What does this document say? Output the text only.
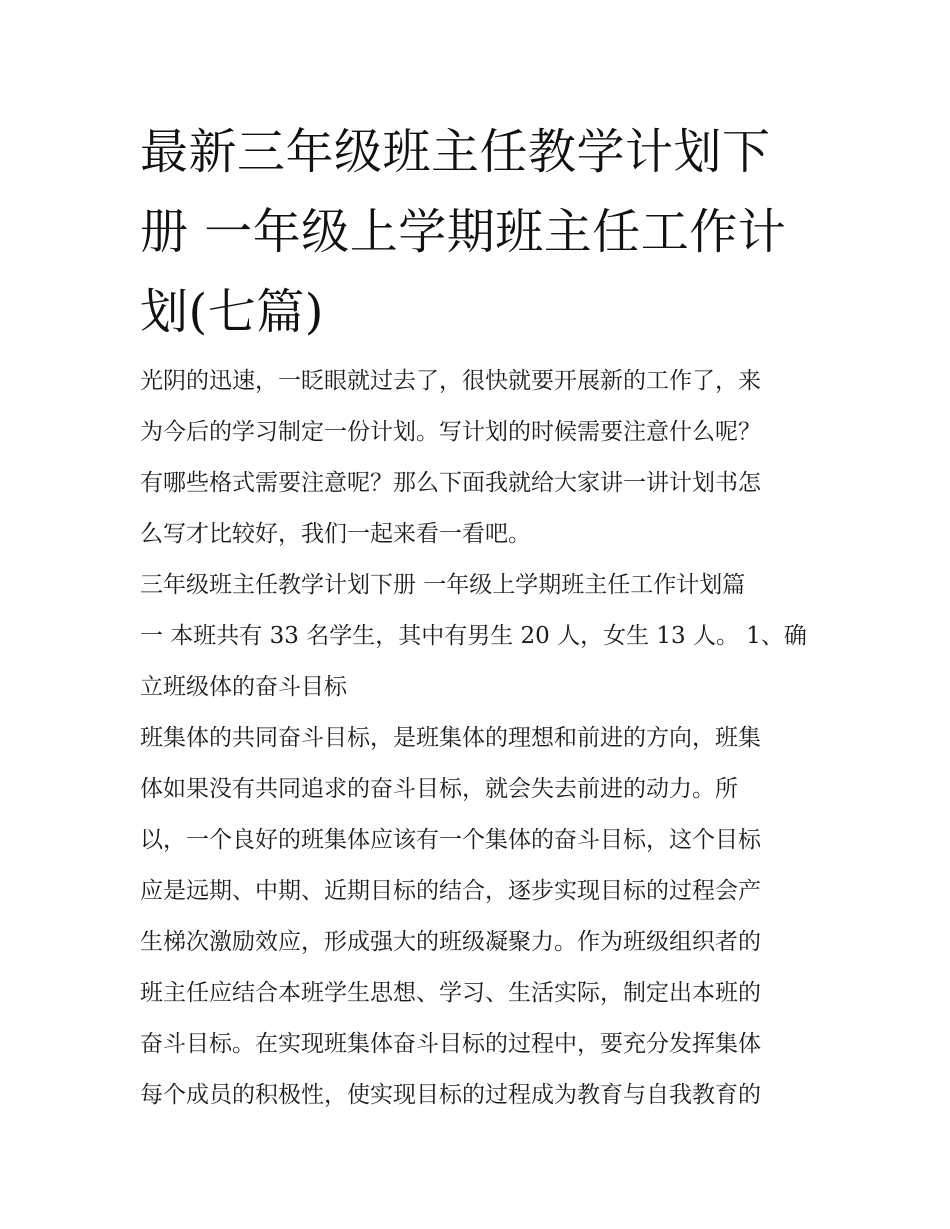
最新三年级班主任教学计划下
册 一年级上学期班主任工作计
划(七篇)
光阴的迅速，一眨眼就过去了，很快就要开展新的工作了，来
为今后的学习制定一份计划。写计划的时候需要注意什么呢？
有哪些格式需要注意呢？那么下面我就给大家讲一讲计划书怎
么写才比较好，我们一起来看一看吧。
三年级班主任教学计划下册 一年级上学期班主任工作计划篇
一 本班共有 33 名学生，其中有男生 20 人，女生 13 人。 1、确
立班级体的奋斗目标
班集体的共同奋斗目标，是班集体的理想和前进的方向，班集
体如果没有共同追求的奋斗目标，就会失去前进的动力。所
以，一个良好的班集体应该有一个集体的奋斗目标，这个目标
应是远期、中期、近期目标的结合，逐步实现目标的过程会产
生梯次激励效应，形成强大的班级凝聚力。作为班级组织者的
班主任应结合本班学生思想、学习、生活实际，制定出本班的
奋斗目标。在实现班集体奋斗目标的过程中，要充分发挥集体
每个成员的积极性，使实现目标的过程成为教育与自我教育的
